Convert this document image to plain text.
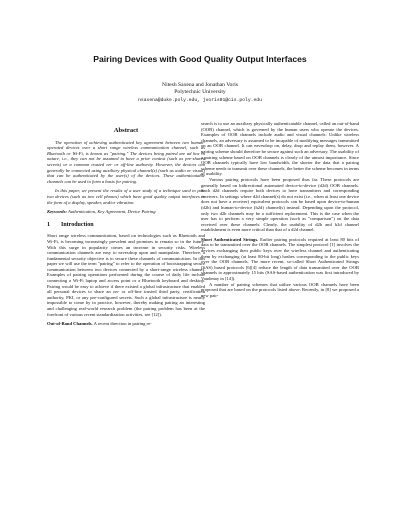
Pairing Devices with Good Quality Output Interfaces
Nitesh Saxena and Jonathan Voris
Polytechnic University
nsaxena@duke.poly.edu, jvoris01@cis.poly.edu
Abstract

The operation of achieving authenticated key agreement between two human-operated devices over a short range wireless communication channel, such as Bluetooth or Wi-Fi, is known as "pairing." The devices being paired are ad hoc in nature, i.e., they can not be assumed to have a prior context (such as pre-shared secrets) or a common trusted on- or off-line authority. However, the devices can generally be connected using auxiliary physical channel(s) (such as audio or visual) that can be authenticated by the user(s) of the devices. These authenticatable channels can be used to form a basis for pairing.

In this paper, we present the results of a user study of a technique used to pair two devices (such as two cell phones) which have good quality output interfaces in the form of a display, speaker, and/or vibration.

Keywords: Authentication, Key Agreement, Device Pairing

1 Introduction

Short range wireless communication, based on technologies such as Bluetooth and Wi-Fi, is becoming increasingly prevalent and promises to remain so in the future. With this surge in popularity comes an increase in security risks. Wireless communication channels are easy to eavesdrop upon and manipulate. Therefore, a fundamental security objective is to secure these channels of communication. In this paper we will use the term "pairing" to refer to the operation of bootstrapping secure communication between two devices connected by a short-range wireless channel. Examples of pairing operations performed during the course of daily life include connecting a Wi-Fi laptop and access point or a Bluetooth keyboard and desktop. Pairing would be easy to achieve if there existed a global infrastructure that enabled all personal devices to share an on- or off-line trusted third party, certification authority, PKI, or any pre-configured secrets. Such a global infrastructure is nearly impossible to come by in practice, however, thereby making pairing an interesting and challenging real-world research problem (the pairing problem has been at the forefront of various recent standardization activities, see [12]).

Out-of-Band Channels. A recent direction in pairing re-

search is to use an auxiliary physically authenticatable channel, called an out-of-band (OOB) channel, which is governed by the human users who operate the devices. Examples of OOB channels include audio and visual channels. Unlike wireless channels, an adversary is assumed to be incapable of modifying messages transmitted on an OOB channel. It can eavesdrop on, delay, drop and replay them, however. A pairing scheme should therefore be secure against such an adversary. The usability of a pairing scheme based on OOB channels is clearly of the utmost importance. Since OOB channels typically have low bandwidth, the shorter the data that a pairing scheme needs to transmit over these channels, the better the scheme becomes in terms of usability.

Various pairing protocols have been proposed thus far. These protocols are generally based on bidirectional automated device-to-device (d2d) OOB channels. Such d2d channels require both devices to have transmitters and corresponding receivers. In settings where d2d channel(s) do not exist (i.e., when at least one device does not have a receiver) equivalent protocols can be based upon device-to-human (d2h) and human-to-device (h2d) channel(s) instead. Depending upon the protocol, only two d2h channels may be a sufficient replacement. This is the case when the user has to perform a very simple operation (such as "comparison") on the data received over these channels. Clearly, the usability of d2h and h2d channel establishment is even more critical than that of a d2d channel.

Short Authenticated Strings. Earlier pairing protocols required at least 80 bits of data to be transmitted over the OOB channels. The simplest protocol [1] involves the devices exchanging their public keys over the wireless channel and authenticating them by exchanging (at least 80-bit long) hashes corresponding to the public keys over the OOB channels. The more recent, so-called Short Authenticated Strings (SAS) based protocols [6][4] reduce the length of data transmitted over the OOB channels to approximately 15 bits (SAS-based authentication was first introduced by Vaudenay in [14]).

A number of pairing schemes that utilize various OOB channels have been proposed that are based on the protocols listed above. Recently, in [8] we proposed a new pair-
